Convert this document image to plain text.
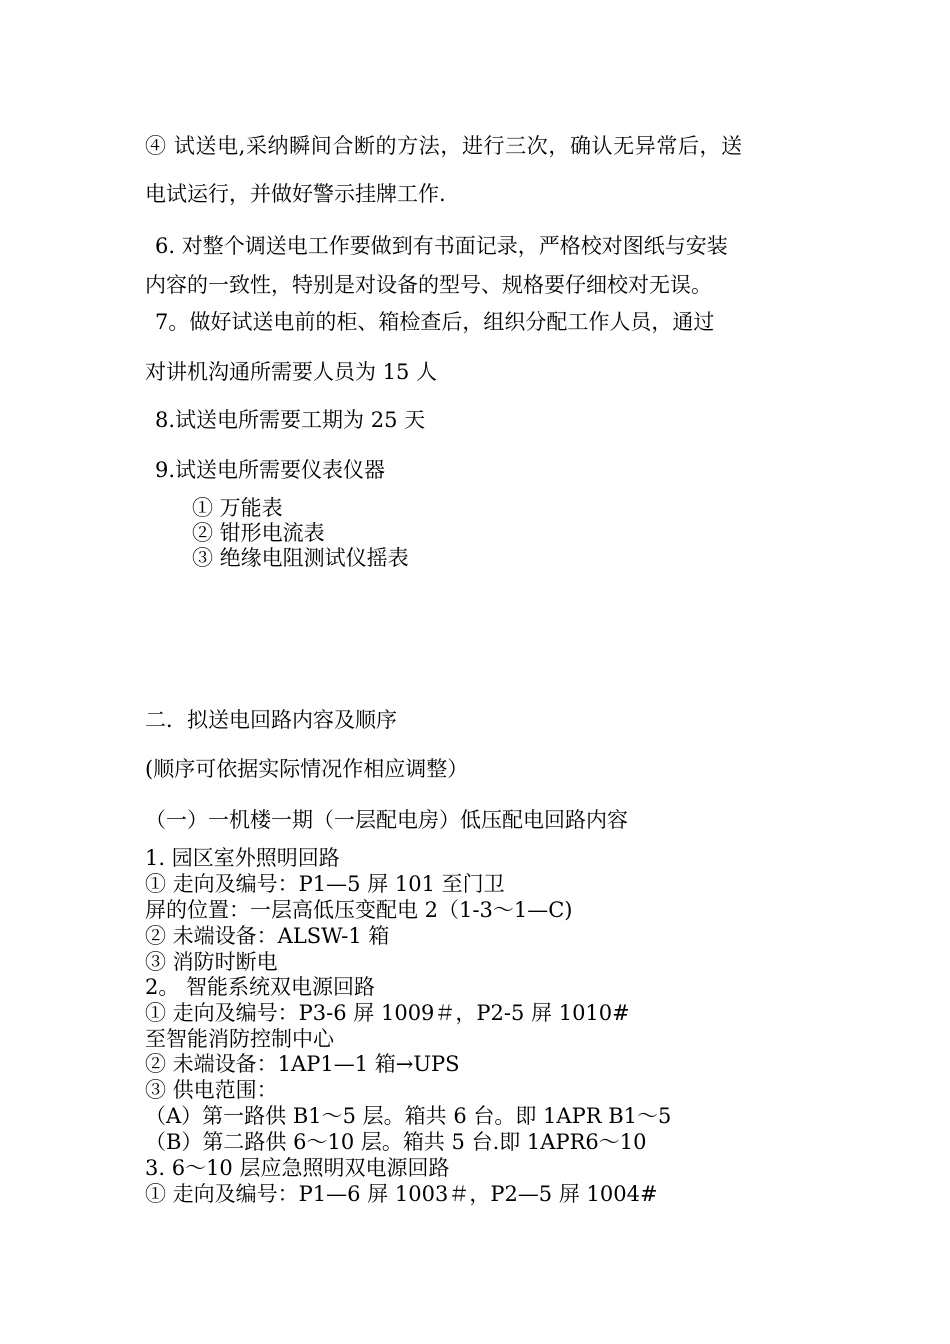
④ 试送电,采纳瞬间合断的方法，进行三次，确认无异常后，送
电试运行，并做好警示挂牌工作.
6. 对整个调送电工作要做到有书面记录，严格校对图纸与安装
内容的一致性，特别是对设备的型号、规格要仔细校对无误。
7。做好试送电前的柜、箱检查后，组织分配工作人员，通过
对讲机沟通所需要人员为 15 人
8.试送电所需要工期为 25 天
9.试送电所需要仪表仪器
① 万能表
② 钳形电流表
③ 绝缘电阻测试仪摇表
二．拟送电回路内容及顺序
(顺序可依据实际情况作相应调整）
（一）一机楼一期（一层配电房）低压配电回路内容
1. 园区室外照明回路
① 走向及编号：P1—5 屏 101 至门卫
屏的位置：一层高低压变配电 2（1-3～1—C)
② 未端设备：ALSW-1 箱
③ 消防时断电
2。 智能系统双电源回路
① 走向及编号：P3-6 屏 1009＃，P2-5 屏 1010#
至智能消防控制中心
② 未端设备：1AP1—1 箱→UPS
③ 供电范围：
（A）第一路供 B1～5 层。箱共 6 台。即 1APR B1～5
（B）第二路供 6～10 层。箱共 5 台.即 1APR6～10
3. 6～10 层应急照明双电源回路
① 走向及编号：P1—6 屏 1003＃，P2—5 屏 1004#
